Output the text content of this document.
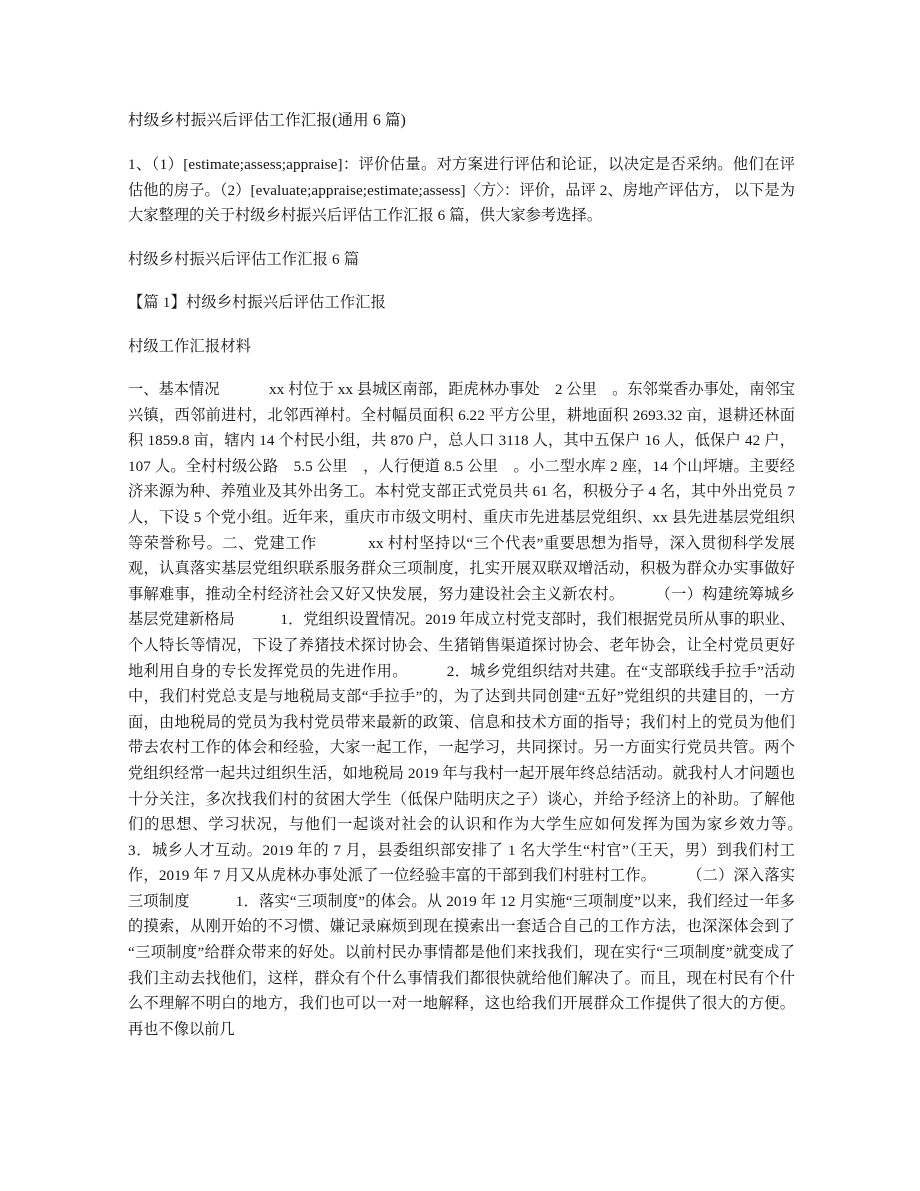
村级乡村振兴后评估工作汇报(通用 6 篇)

1、（1）[estimate;assess;appraise]：评价估量。对方案进行评估和论证，以决定是否采纳。他们在评估他的房子。（2）[evaluate;appraise;estimate;assess]〈方〉：评价，品评 2、房地产评估方， 以下是为大家整理的关于村级乡村振兴后评估工作汇报 6 篇，供大家参考选择。

村级乡村振兴后评估工作汇报 6 篇

【篇 1】村级乡村振兴后评估工作汇报

村级工作汇报材料

一、基本情况　　　 xx 村位于 xx 县城区南部，距虎林办事处　2 公里　。东邻棠香办事处，南邻宝兴镇，西邻前进村，北邻西禅村。全村幅员面积 6.22 平方公里，耕地面积 2693.32 亩，退耕还林面积 1859.8 亩，辖内 14 个村民小组，共 870 户，总人口 3118 人，其中五保户 16 人，低保户 42 户，107 人。全村村级公路　5.5 公里　，人行便道 8.5 公里　。小二型水库 2 座，14 个山坪塘。主要经济来源为种、养殖业及其外出务工。本村党支部正式党员共 61 名，积极分子 4 名，其中外出党员 7 人，下设 5 个党小组。近年来，重庆市市级文明村、重庆市先进基层党组织、xx 县先进基层党组织等荣誉称号。二、党建工作　　　 xx 村村坚持以“三个代表”重要思想为指导，深入贯彻科学发展观，认真落实基层党组织联系服务群众三项制度，扎实开展双联双增活动，积极为群众办实事做好事解难事，推动全村经济社会又好又快发展，努力建设社会主义新农村。　　　（一）构建统筹城乡基层党建新格局　　　1．党组织设置情况。2019 年成立村党支部时，我们根据党员所从事的职业、个人特长等情况，下设了养猪技术探讨协会、生猪销售渠道探讨协会、老年协会，让全村党员更好地利用自身的专长发挥党员的先进作用。　　　2．城乡党组织结对共建。在“支部联线手拉手”活动中，我们村党总支是与地税局支部“手拉手”的，为了达到共同创建“五好”党组织的共建目的，一方面，由地税局的党员为我村党员带来最新的政策、信息和技术方面的指导；我们村上的党员为他们带去农村工作的体会和经验，大家一起工作，一起学习，共同探讨。另一方面实行党员共管。两个党组织经常一起共过组织生活，如地税局 2019 年与我村一起开展年终总结活动。就我村人才问题也十分关注，多次找我们村的贫困大学生（低保户陆明庆之子）谈心，并给予经济上的补助。了解他们的思想、学习状况，与他们一起谈对社会的认识和作为大学生应如何发挥为国为家乡效力等。　　　3．城乡人才互动。2019 年的 7 月，县委组织部安排了 1 名大学生“村官”（王天，男）到我们村工作，2019 年 7 月又从虎林办事处派了一位经验丰富的干部到我们村驻村工作。　　　（二）深入落实三项制度　　　1．落实“三项制度”的体会。从 2019 年 12 月实施“三项制度”以来，我们经过一年多的摸索，从刚开始的不习惯、嫌记录麻烦到现在摸索出一套适合自己的工作方法，也深深体会到了“三项制度”给群众带来的好处。以前村民办事情都是他们来找我们，现在实行“三项制度”就变成了我们主动去找他们，这样，群众有个什么事情我们都很快就给他们解决了。而且，现在村民有个什么不理解不明白的地方，我们也可以一对一地解释，这也给我们开展群众工作提供了很大的方便。再也不像以前几
